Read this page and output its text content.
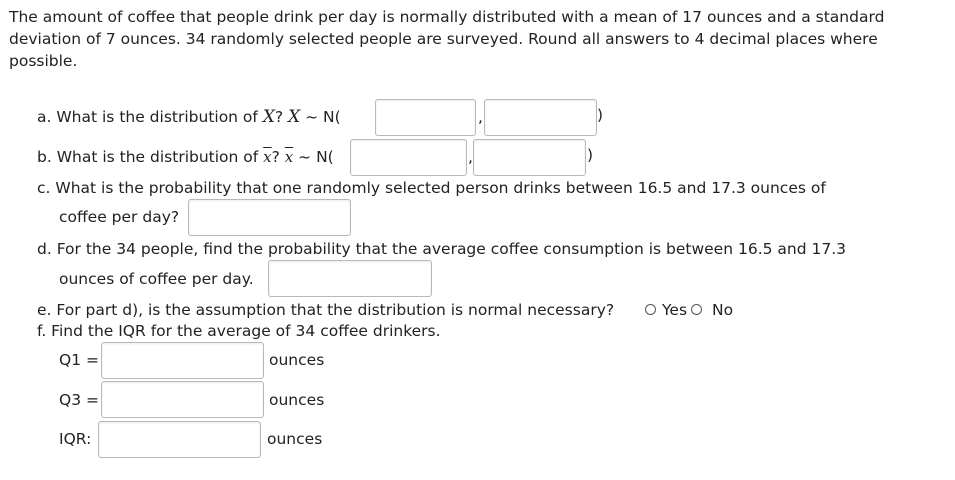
The amount of coffee that people drink per day is normally distributed with a mean of 17 ounces and a standard deviation of 7 ounces. 34 randomly selected people are surveyed. Round all answers to 4 decimal places where possible.
a. What is the distribution of X? X ~ N(	,	)
b. What is the distribution of $\overline{x}$? $\overline{x}$ ~ N(	,	)
c. What is the probability that one randomly selected person drinks between 16.5 and 17.3 ounces of
coffee per day?
d. For the 34 people, find the probability that the average coffee consumption is between 16.5 and 17.3
ounces of coffee per day.
e. For part d), is the assumption that the distribution is normal necessary?	Yes No
f. Find the IQR for the average of 34 coffee drinkers.
Q1 =	ounces
Q3 =	ounces
IQR:	ounces
